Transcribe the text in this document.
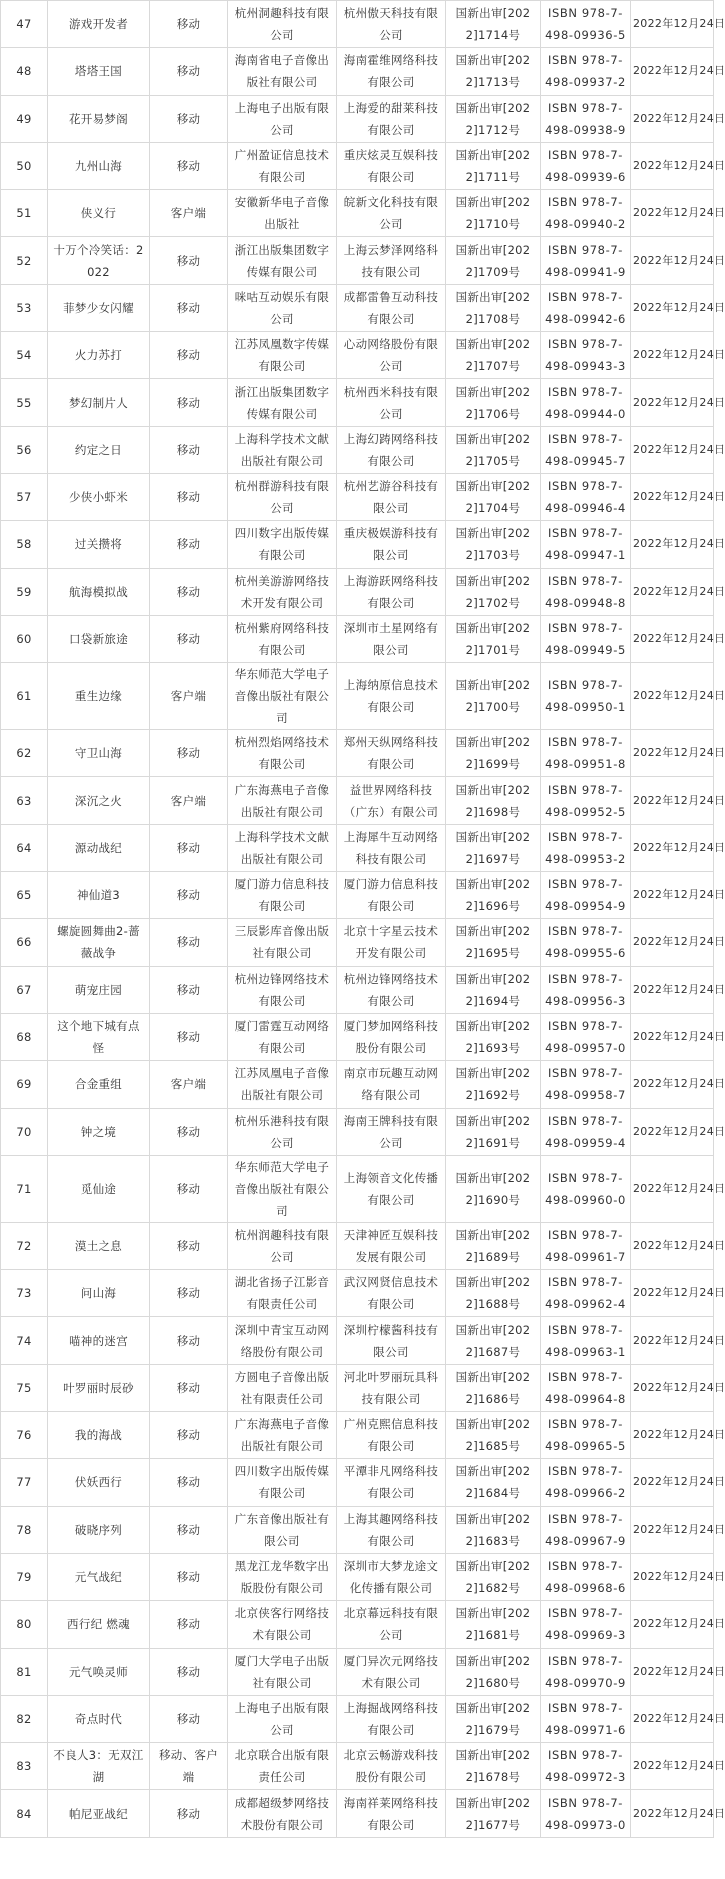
47	游戏开发者	移动	杭州洞趣科技有限公司	杭州傲天科技有限公司	国新出审[2022]1714号	ISBN 978-7-498-09936-5	2022年12月24日
48	塔塔王国	移动	海南省电子音像出版社有限公司	海南霍维网络科技有限公司	国新出审[2022]1713号	ISBN 978-7-498-09937-2	2022年12月24日
49	花开易梦阁	移动	上海电子出版有限公司	上海爱的甜莱科技有限公司	国新出审[2022]1712号	ISBN 978-7-498-09938-9	2022年12月24日
50	九州山海	移动	广州盈证信息技术有限公司	重庆炫灵互娱科技有限公司	国新出审[2022]1711号	ISBN 978-7-498-09939-6	2022年12月24日
51	侠义行	客户端	安徽新华电子音像出版社	皖新文化科技有限公司	国新出审[2022]1710号	ISBN 978-7-498-09940-2	2022年12月24日
52	十万个冷笑话：2022	移动	浙江出版集团数字传媒有限公司	上海云梦泽网络科技有限公司	国新出审[2022]1709号	ISBN 978-7-498-09941-9	2022年12月24日
53	菲梦少女闪耀	移动	咪咕互动娱乐有限公司	成都雷鲁互动科技有限公司	国新出审[2022]1708号	ISBN 978-7-498-09942-6	2022年12月24日
54	火力苏打	移动	江苏凤凰数字传媒有限公司	心动网络股份有限公司	国新出审[2022]1707号	ISBN 978-7-498-09943-3	2022年12月24日
55	梦幻制片人	移动	浙江出版集团数字传媒有限公司	杭州西米科技有限公司	国新出审[2022]1706号	ISBN 978-7-498-09944-0	2022年12月24日
56	约定之日	移动	上海科学技术文献出版社有限公司	上海幻踌网络科技有限公司	国新出审[2022]1705号	ISBN 978-7-498-09945-7	2022年12月24日
57	少侠小虾米	移动	杭州群游科技有限公司	杭州艺游谷科技有限公司	国新出审[2022]1704号	ISBN 978-7-498-09946-4	2022年12月24日
58	过关攒将	移动	四川数字出版传媒有限公司	重庆极娱游科技有限公司	国新出审[2022]1703号	ISBN 978-7-498-09947-1	2022年12月24日
59	航海模拟战	移动	杭州美游游网络技术开发有限公司	上海游跃网络科技有限公司	国新出审[2022]1702号	ISBN 978-7-498-09948-8	2022年12月24日
60	口袋新旅途	移动	杭州紫府网络科技有限公司	深圳市土星网络有限公司	国新出审[2022]1701号	ISBN 978-7-498-09949-5	2022年12月24日
61	重生边缘	客户端	华东师范大学电子音像出版社有限公司	上海纳原信息技术有限公司	国新出审[2022]1700号	ISBN 978-7-498-09950-1	2022年12月24日
62	守卫山海	移动	杭州烈焰网络技术有限公司	郑州天纵网络科技有限公司	国新出审[2022]1699号	ISBN 978-7-498-09951-8	2022年12月24日
63	深沉之火	客户端	广东海燕电子音像出版社有限公司	益世界网络科技（广东）有限公司	国新出审[2022]1698号	ISBN 978-7-498-09952-5	2022年12月24日
64	源动战纪	移动	上海科学技术文献出版社有限公司	上海犀牛互动网络科技有限公司	国新出审[2022]1697号	ISBN 978-7-498-09953-2	2022年12月24日
65	神仙道3	移动	厦门游力信息科技有限公司	厦门游力信息科技有限公司	国新出审[2022]1696号	ISBN 978-7-498-09954-9	2022年12月24日
66	螺旋圆舞曲2-蔷薇战争	移动	三辰影库音像出版社有限公司	北京十字星云技术开发有限公司	国新出审[2022]1695号	ISBN 978-7-498-09955-6	2022年12月24日
67	萌宠庄园	移动	杭州边锋网络技术有限公司	杭州边锋网络技术有限公司	国新出审[2022]1694号	ISBN 978-7-498-09956-3	2022年12月24日
68	这个地下城有点怪	移动	厦门雷霆互动网络有限公司	厦门梦加网络科技股份有限公司	国新出审[2022]1693号	ISBN 978-7-498-09957-0	2022年12月24日
69	合金重组	客户端	江苏凤凰电子音像出版社有限公司	南京市玩趣互动网络有限公司	国新出审[2022]1692号	ISBN 978-7-498-09958-7	2022年12月24日
70	钟之境	移动	杭州乐港科技有限公司	海南王牌科技有限公司	国新出审[2022]1691号	ISBN 978-7-498-09959-4	2022年12月24日
71	觅仙途	移动	华东师范大学电子音像出版社有限公司	上海领音文化传播有限公司	国新出审[2022]1690号	ISBN 978-7-498-09960-0	2022年12月24日
72	漠土之息	移动	杭州润趣科技有限公司	天津神匠互娱科技发展有限公司	国新出审[2022]1689号	ISBN 978-7-498-09961-7	2022年12月24日
73	问山海	移动	湖北省扬子江影音有限责任公司	武汉网贤信息技术有限公司	国新出审[2022]1688号	ISBN 978-7-498-09962-4	2022年12月24日
74	喵神的迷宫	移动	深圳中青宝互动网络股份有限公司	深圳柠檬酱科技有限公司	国新出审[2022]1687号	ISBN 978-7-498-09963-1	2022年12月24日
75	叶罗丽时辰砂	移动	方圆电子音像出版社有限责任公司	河北叶罗丽玩具科技有限公司	国新出审[2022]1686号	ISBN 978-7-498-09964-8	2022年12月24日
76	我的海战	移动	广东海燕电子音像出版社有限公司	广州克熙信息科技有限公司	国新出审[2022]1685号	ISBN 978-7-498-09965-5	2022年12月24日
77	伏妖西行	移动	四川数字出版传媒有限公司	平潭非凡网络科技有限公司	国新出审[2022]1684号	ISBN 978-7-498-09966-2	2022年12月24日
78	破晓序列	移动	广东音像出版社有限公司	上海其趣网络科技有限公司	国新出审[2022]1683号	ISBN 978-7-498-09967-9	2022年12月24日
79	元气战纪	移动	黑龙江龙华数字出版股份有限公司	深圳市大梦龙途文化传播有限公司	国新出审[2022]1682号	ISBN 978-7-498-09968-6	2022年12月24日
80	西行纪 燃魂	移动	北京侠客行网络技术有限公司	北京幕远科技有限公司	国新出审[2022]1681号	ISBN 978-7-498-09969-3	2022年12月24日
81	元气唤灵师	移动	厦门大学电子出版社有限公司	厦门异次元网络技术有限公司	国新出审[2022]1680号	ISBN 978-7-498-09970-9	2022年12月24日
82	奇点时代	移动	上海电子出版有限公司	上海掘战网络科技有限公司	国新出审[2022]1679号	ISBN 978-7-498-09971-6	2022年12月24日
83	不良人3：无双江湖	移动、客户端	北京联合出版有限责任公司	北京云畅游戏科技股份有限公司	国新出审[2022]1678号	ISBN 978-7-498-09972-3	2022年12月24日
84	帕尼亚战纪	移动	成都超级梦网络技术股份有限公司	海南祥莱网络科技有限公司	国新出审[2022]1677号	ISBN 978-7-498-09973-0	2022年12月24日
